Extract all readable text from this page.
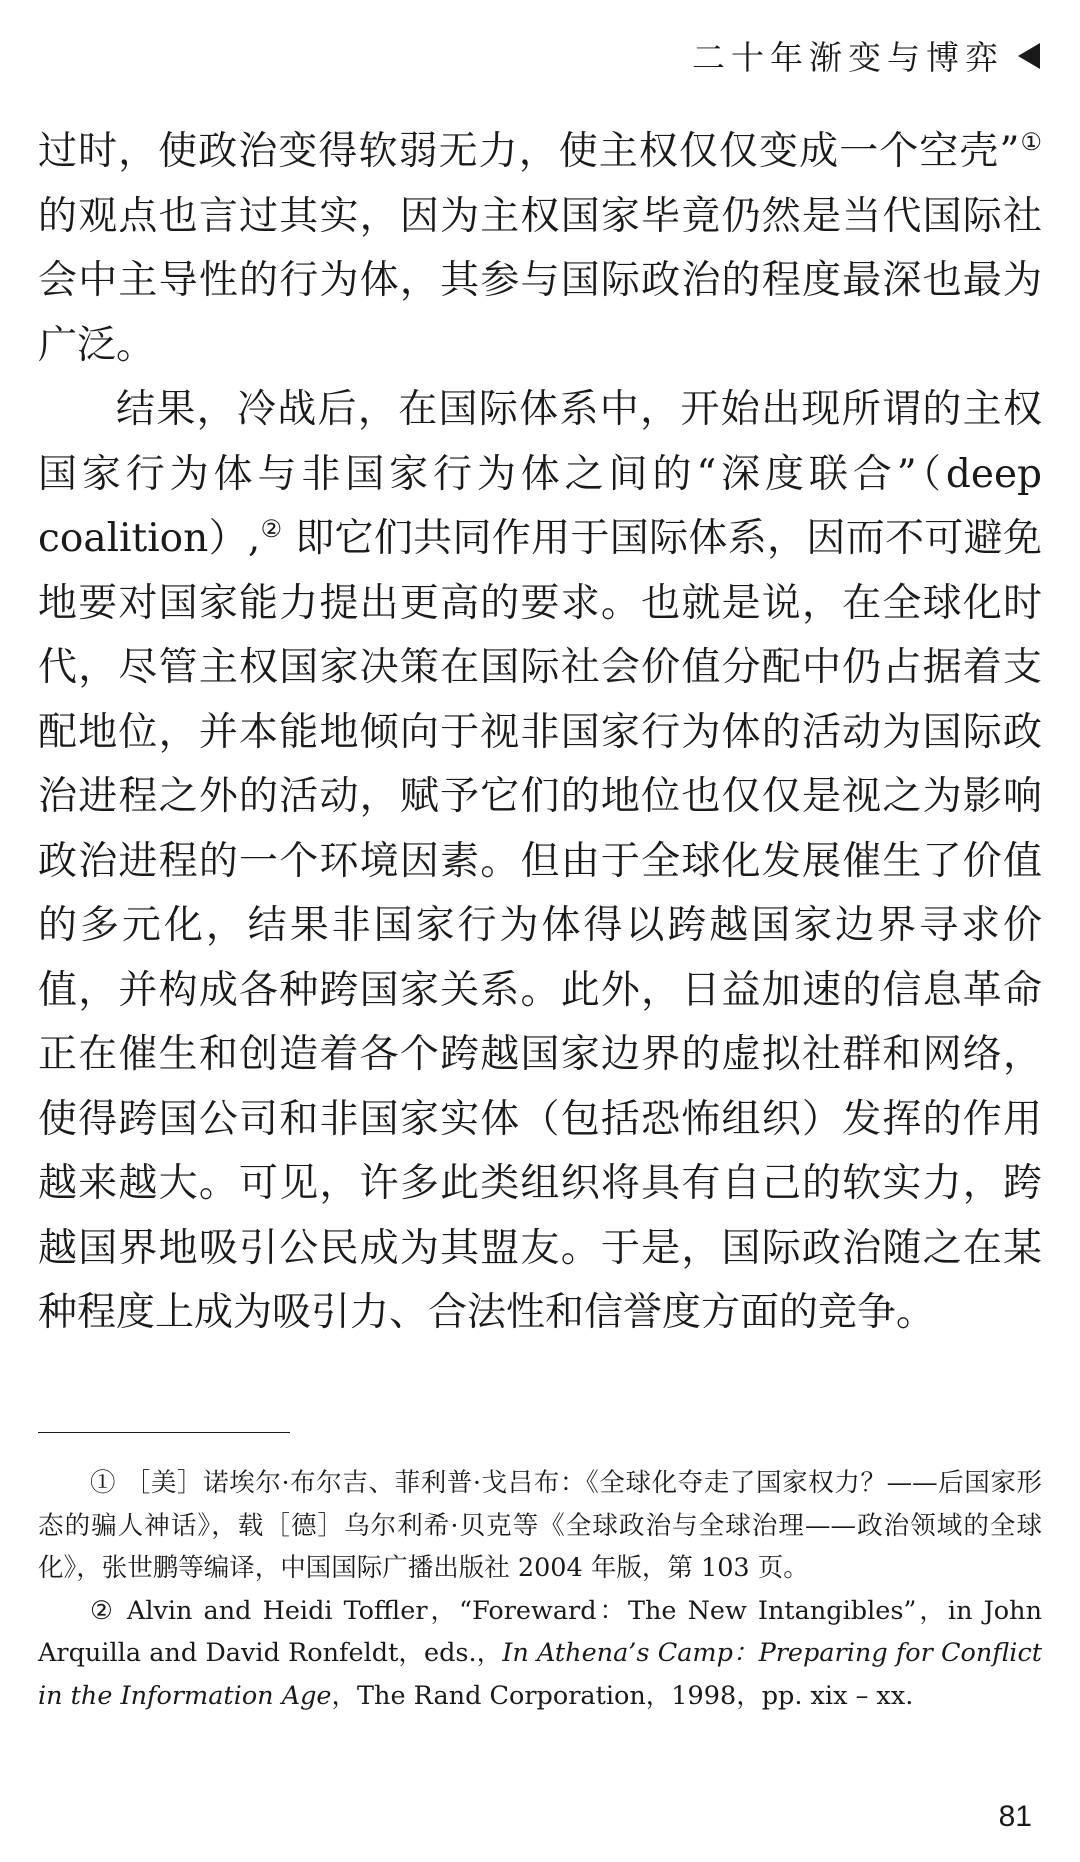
二十年渐变与博弈

过时，使政治变得软弱无力，使主权仅仅变成一个空壳”①的观点也言过其实，因为主权国家毕竟仍然是当代国际社会中主导性的行为体，其参与国际政治的程度最深也最为广泛。

结果，冷战后，在国际体系中，开始出现所谓的主权国家行为体与非国家行为体之间的“深度联合”（deep coalition）,② 即它们共同作用于国际体系，因而不可避免地要对国家能力提出更高的要求。也就是说，在全球化时代，尽管主权国家决策在国际社会价值分配中仍占据着支配地位，并本能地倾向于视非国家行为体的活动为国际政治进程之外的活动，赋予它们的地位也仅仅是视之为影响政治进程的一个环境因素。但由于全球化发展催生了价值的多元化，结果非国家行为体得以跨越国家边界寻求价值，并构成各种跨国家关系。此外，日益加速的信息革命正在催生和创造着各个跨越国家边界的虚拟社群和网络，使得跨国公司和非国家实体（包括恐怖组织）发挥的作用越来越大。可见，许多此类组织将具有自己的软实力，跨越国界地吸引公民成为其盟友。于是，国际政治随之在某种程度上成为吸引力、合法性和信誉度方面的竞争。

① ［美］诺埃尔·布尔吉、菲利普·戈吕布：《全球化夺走了国家权力？——后国家形态的骗人神话》，载［德］乌尔利希·贝克等《全球政治与全球治理——政治领域的全球化》，张世鹏等编译，中国国际广播出版社 2004 年版，第 103 页。

② Alvin and Heidi Toffler，“Foreward：The New Intangibles”，in John Arquilla and David Ronfeldt，eds.，In Athena’s Camp：Preparing for Conflict in the Information Age，The Rand Corporation，1998，pp. xix – xx.

81
